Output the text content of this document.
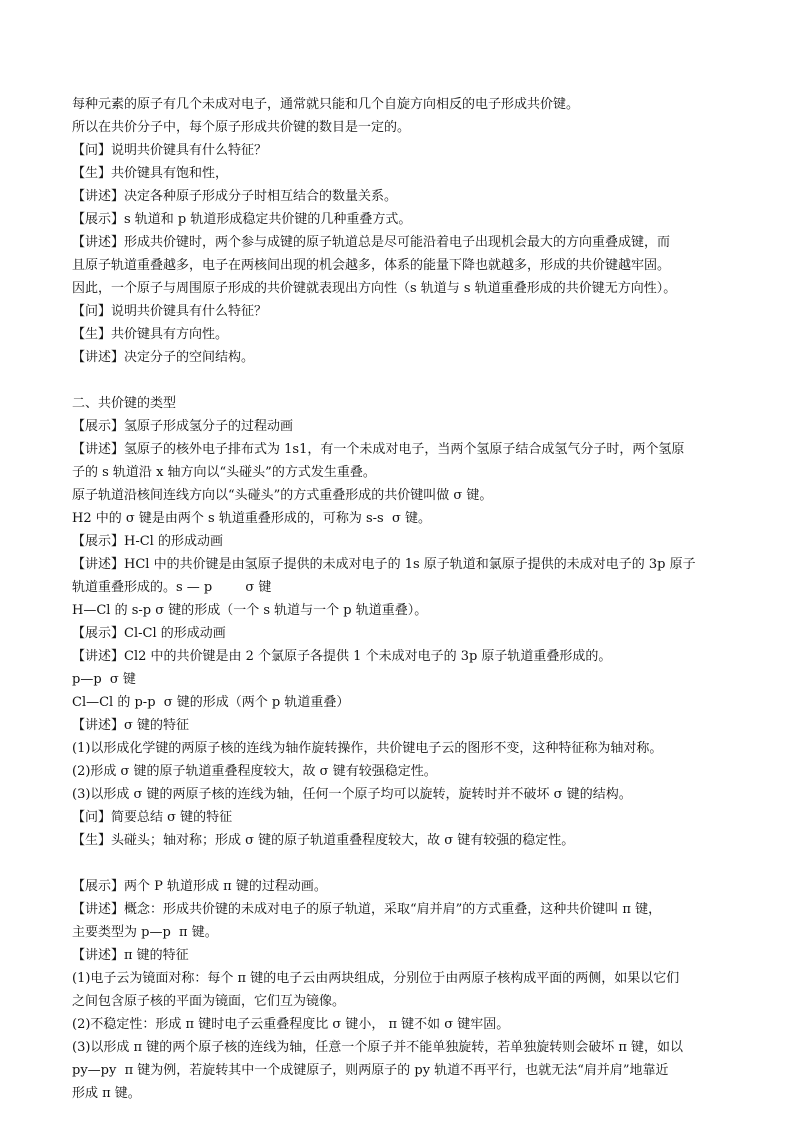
每种元素的原子有几个未成对电子，通常就只能和几个自旋方向相反的电子形成共价键。
所以在共价分子中，每个原子形成共价键的数目是一定的。
【问】说明共价键具有什么特征？
【生】共价键具有饱和性，
【讲述】决定各种原子形成分子时相互结合的数量关系。
【展示】s 轨道和 p 轨道形成稳定共价键的几种重叠方式。
【讲述】形成共价键时，两个参与成键的原子轨道总是尽可能沿着电子出现机会最大的方向重叠成键，而
且原子轨道重叠越多，电子在两核间出现的机会越多，体系的能量下降也就越多，形成的共价键越牢固。
因此，一个原子与周围原子形成的共价键就表现出方向性（s 轨道与 s 轨道重叠形成的共价键无方向性）。
【问】说明共价键具有什么特征？
【生】共价键具有方向性。
【讲述】决定分子的空间结构。
二、共价键的类型
【展示】氢原子形成氢分子的过程动画
【讲述】氢原子的核外电子排布式为 1s1，有一个未成对电子，当两个氢原子结合成氢气分子时，两个氢原
子的 s 轨道沿 x 轴方向以“头碰头”的方式发生重叠。
原子轨道沿核间连线方向以“头碰头”的方式重叠形成的共价键叫做 σ 键。
H2 中的 σ 键是由两个 s 轨道重叠形成的，可称为 s-s  σ 键。
【展示】H-Cl 的形成动画
【讲述】HCl 中的共价键是由氢原子提供的未成对电子的 1s 原子轨道和氯原子提供的未成对电子的 3p 原子
轨道重叠形成的。s — p        σ 键
H—Cl 的 s-p σ 键的形成（一个 s 轨道与一个 p 轨道重叠）。
【展示】Cl-Cl 的形成动画
【讲述】Cl2 中的共价键是由 2 个氯原子各提供 1 个未成对电子的 3p 原子轨道重叠形成的。
p—p  σ 键
Cl—Cl 的 p-p  σ 键的形成（两个 p 轨道重叠）
【讲述】σ 键的特征
(1)以形成化学键的两原子核的连线为轴作旋转操作，共价键电子云的图形不变，这种特征称为轴对称。
(2)形成 σ 键的原子轨道重叠程度较大，故 σ 键有较强稳定性。
(3)以形成 σ 键的两原子核的连线为轴，任何一个原子均可以旋转，旋转时并不破坏 σ 键的结构。
【问】简要总结 σ 键的特征
【生】头碰头；轴对称；形成 σ 键的原子轨道重叠程度较大，故 σ 键有较强的稳定性。
【展示】两个 P 轨道形成 π 键的过程动画。
【讲述】概念：形成共价键的未成对电子的原子轨道，采取“肩并肩”的方式重叠，这种共价键叫 π 键，
主要类型为 p—p  π 键。
【讲述】π 键的特征
(1)电子云为镜面对称：每个 π 键的电子云由两块组成，分别位于由两原子核构成平面的两侧，如果以它们
之间包含原子核的平面为镜面，它们互为镜像。
(2)不稳定性：形成 π 键时电子云重叠程度比 σ 键小， π 键不如 σ 键牢固。
(3)以形成 π 键的两个原子核的连线为轴，任意一个原子并不能单独旋转，若单独旋转则会破坏 π 键，如以
py—py  π 键为例，若旋转其中一个成键原子，则两原子的 py 轨道不再平行，也就无法“肩并肩”地靠近
形成 π 键。
